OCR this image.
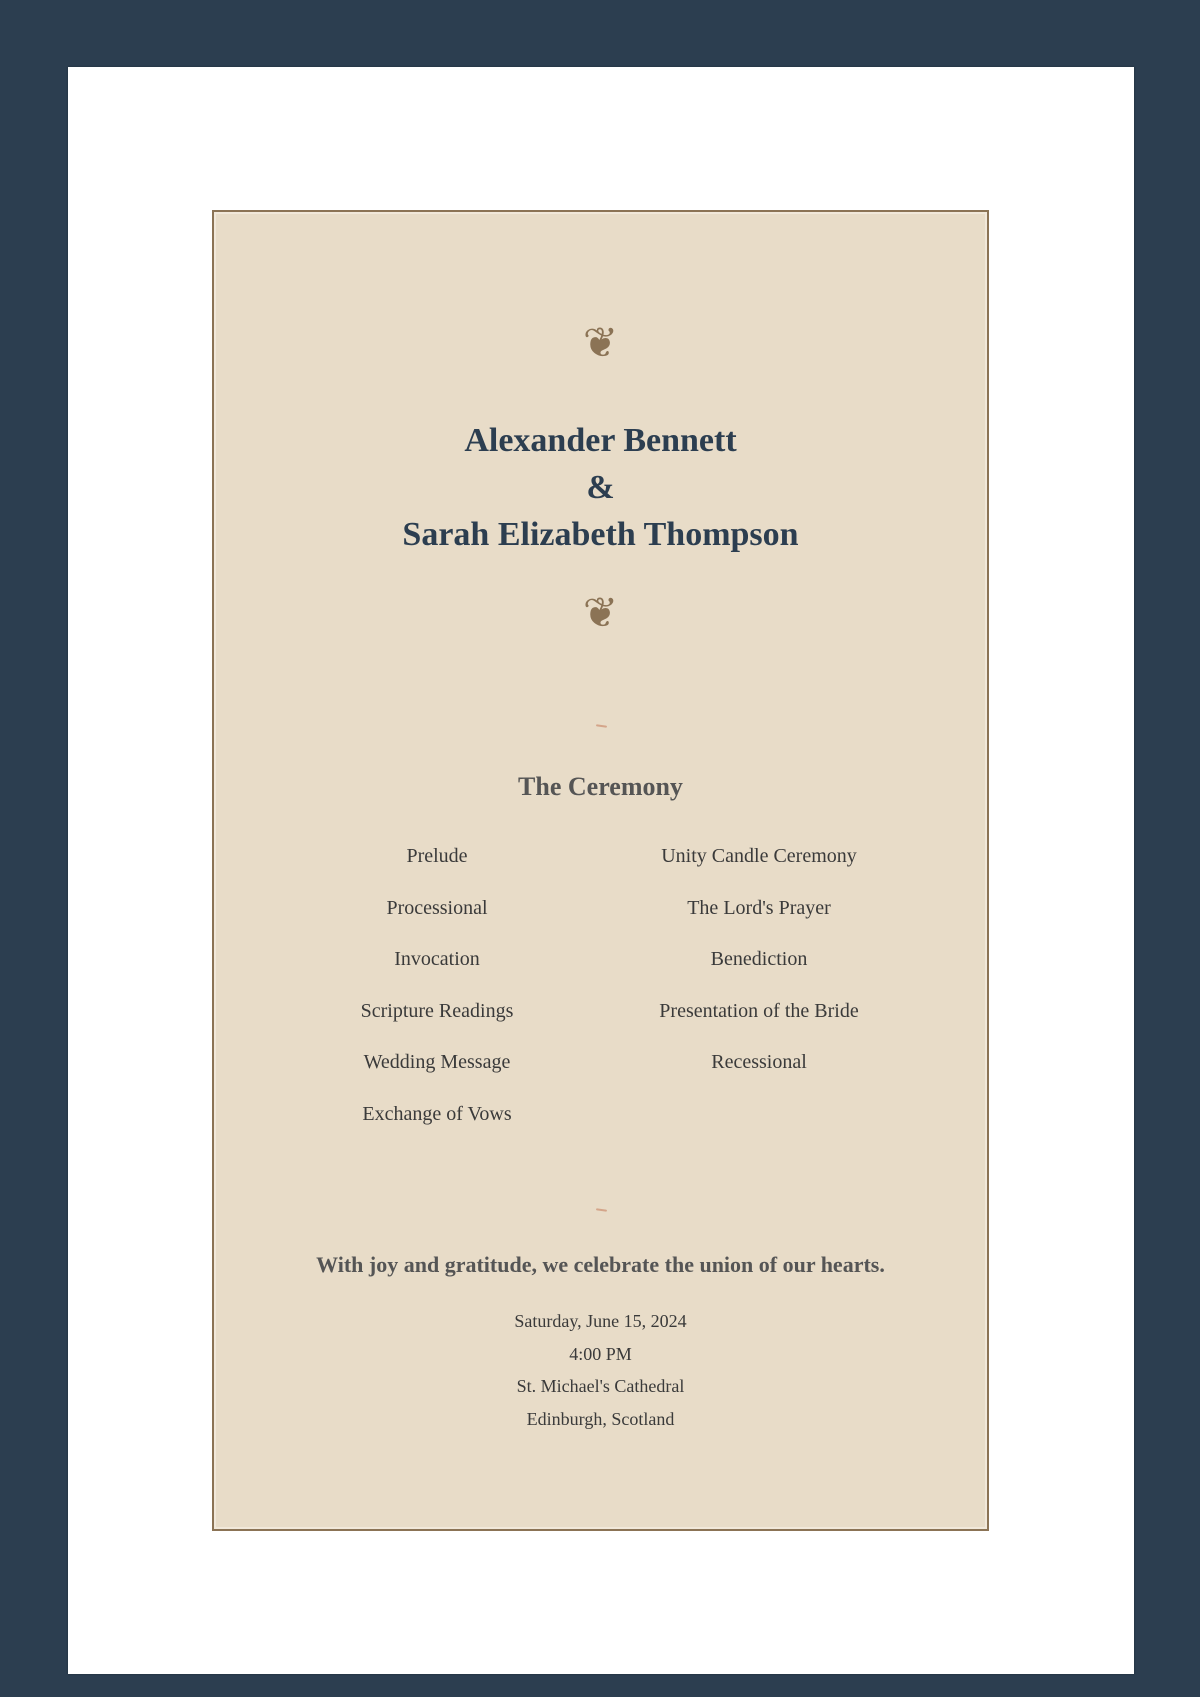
❦
Alexander Bennett
&
Sarah Elizabeth Thompson
❦
The Ceremony
Prelude
Processional
Invocation
Scripture Readings
Wedding Message
Exchange of Vows
Unity Candle Ceremony
The Lord's Prayer
Benediction
Presentation of the Bride
Recessional
With joy and gratitude, we celebrate the union of our hearts.
Saturday, June 15, 2024
4:00 PM
St. Michael's Cathedral
Edinburgh, Scotland
